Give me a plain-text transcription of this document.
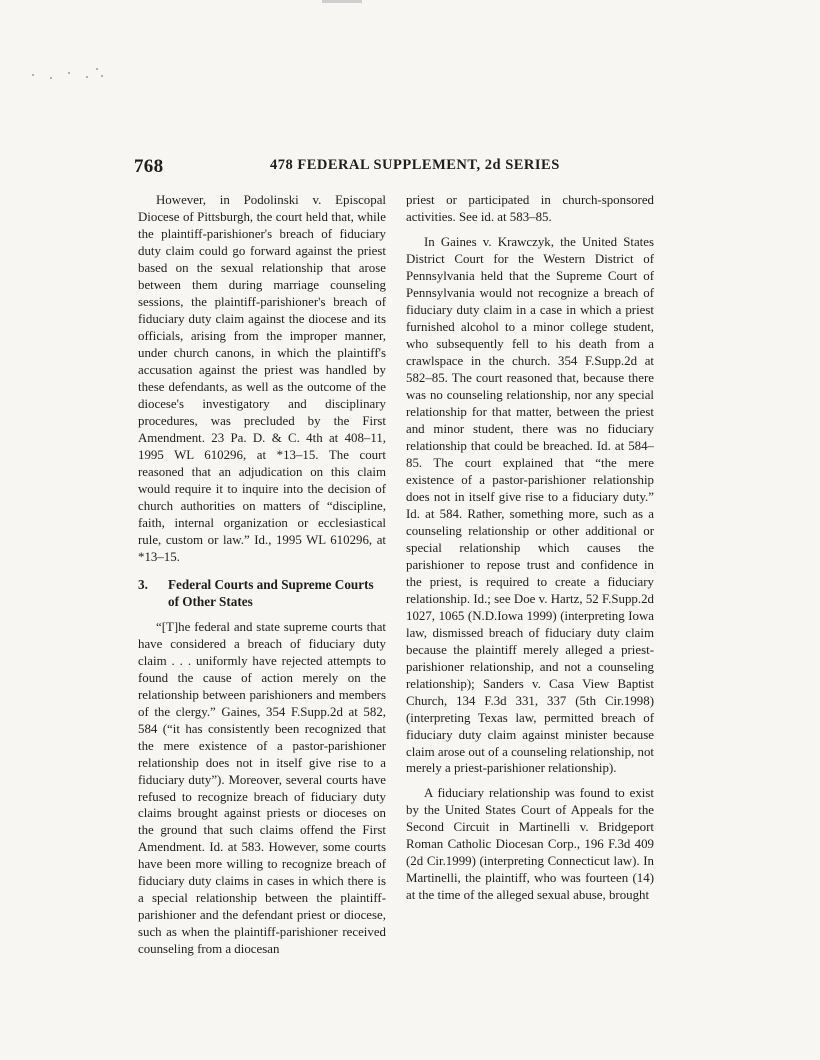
768	478 FEDERAL SUPPLEMENT, 2d SERIES

However, in Podolinski v. Episcopal Diocese of Pittsburgh, the court held that, while the plaintiff-parishioner's breach of fiduciary duty claim could go forward against the priest based on the sexual relationship that arose between them during marriage counseling sessions, the plaintiff-parishioner's breach of fiduciary duty claim against the diocese and its officials, arising from the improper manner, under church canons, in which the plaintiff's accusation against the priest was handled by these defendants, as well as the outcome of the diocese's investigatory and disciplinary procedures, was precluded by the First Amendment. 23 Pa. D. & C. 4th at 408–11, 1995 WL 610296, at *13–15. The court reasoned that an adjudication on this claim would require it to inquire into the decision of church authorities on matters of “discipline, faith, internal organization or ecclesiastical rule, custom or law.” Id., 1995 WL 610296, at *13–15.

3. Federal Courts and Supreme Courts of Other States

“[T]he federal and state supreme courts that have considered a breach of fiduciary duty claim . . . uniformly have rejected attempts to found the cause of action merely on the relationship between parishioners and members of the clergy.” Gaines, 354 F.Supp.2d at 582, 584 (“it has consistently been recognized that the mere existence of a pastor-parishioner relationship does not in itself give rise to a fiduciary duty”). Moreover, several courts have refused to recognize breach of fiduciary duty claims brought against priests or dioceses on the ground that such claims offend the First Amendment. Id. at 583. However, some courts have been more willing to recognize breach of fiduciary duty claims in cases in which there is a special relationship between the plaintiff-parishioner and the defendant priest or diocese, such as when the plaintiff-parishioner received counseling from a diocesan

priest or participated in church-sponsored activities. See id. at 583–85.

In Gaines v. Krawczyk, the United States District Court for the Western District of Pennsylvania held that the Supreme Court of Pennsylvania would not recognize a breach of fiduciary duty claim in a case in which a priest furnished alcohol to a minor college student, who subsequently fell to his death from a crawlspace in the church. 354 F.Supp.2d at 582–85. The court reasoned that, because there was no counseling relationship, nor any special relationship for that matter, between the priest and minor student, there was no fiduciary relationship that could be breached. Id. at 584–85. The court explained that “the mere existence of a pastor-parishioner relationship does not in itself give rise to a fiduciary duty.” Id. at 584. Rather, something more, such as a counseling relationship or other additional or special relationship which causes the parishioner to repose trust and confidence in the priest, is required to create a fiduciary relationship. Id.; see Doe v. Hartz, 52 F.Supp.2d 1027, 1065 (N.D.Iowa 1999) (interpreting Iowa law, dismissed breach of fiduciary duty claim because the plaintiff merely alleged a priest-parishioner relationship, and not a counseling relationship); Sanders v. Casa View Baptist Church, 134 F.3d 331, 337 (5th Cir.1998) (interpreting Texas law, permitted breach of fiduciary duty claim against minister because claim arose out of a counseling relationship, not merely a priest-parishioner relationship).

A fiduciary relationship was found to exist by the United States Court of Appeals for the Second Circuit in Martinelli v. Bridgeport Roman Catholic Diocesan Corp., 196 F.3d 409 (2d Cir.1999) (interpreting Connecticut law). In Martinelli, the plaintiff, who was fourteen (14) at the time of the alleged sexual abuse, brought
